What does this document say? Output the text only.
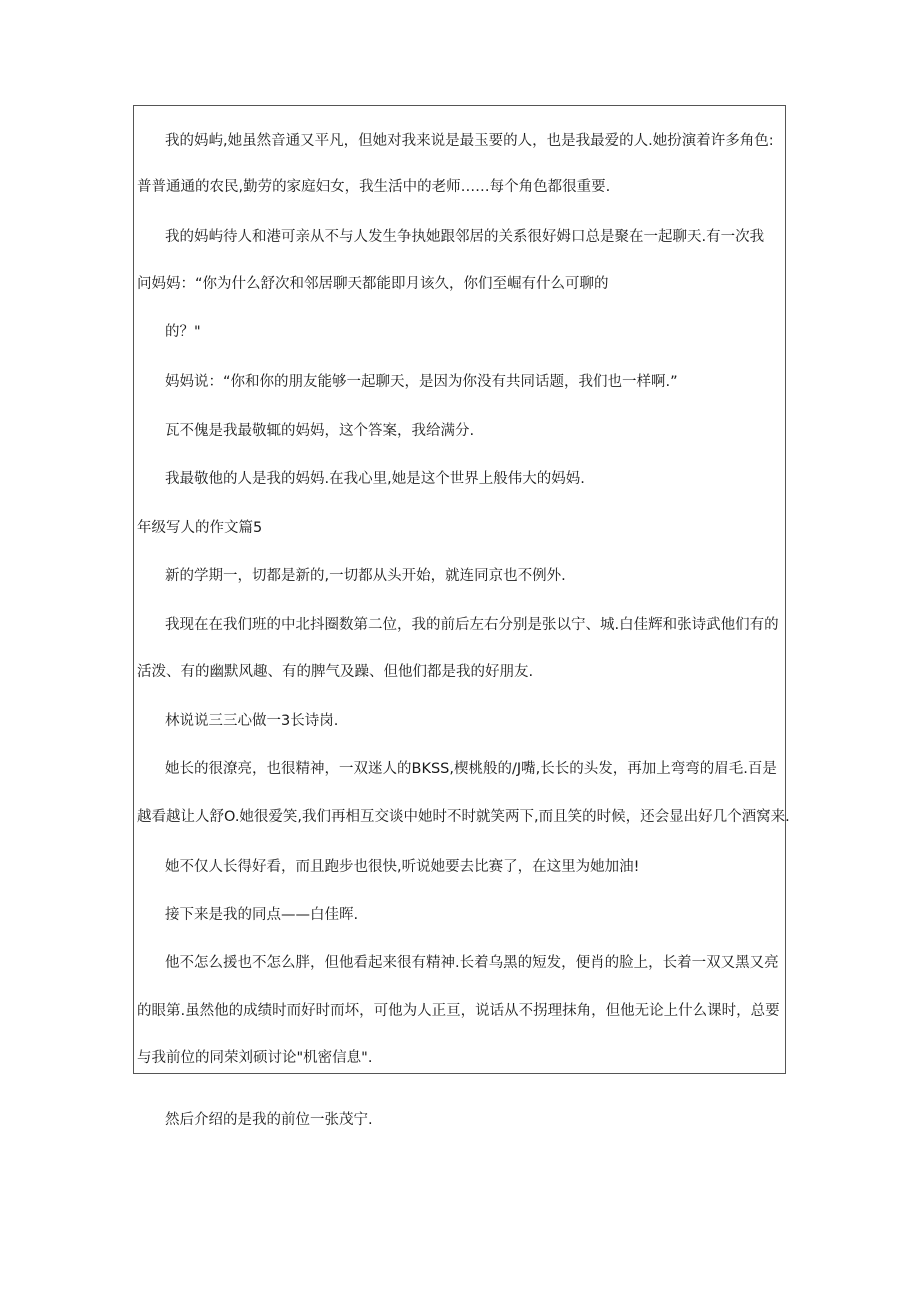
我的妈屿,她虽然音通又平凡，但她对我来说是最玉要的人，也是我最爱的人.她扮演着许多角色:
普普通通的农民,勤劳的家庭妇女，我生活中的老师……每个角色都很重要.
我的妈屿待人和港可亲从不与人发生争执她跟邻居的关系很好姆口总是聚在一起聊天.有一次我
问妈妈：“你为什么舒次和邻居聊天都能即月该久，你们至崛有什么可聊的
的？"
妈妈说：“你和你的朋友能够一起聊天，是因为你没有共同话题，我们也一样啊.”
瓦不傀是我最敬辄的妈妈，这个答案，我给满分.
我最敬他的人是我的妈妈.在我心里,她是这个世界上般伟大的妈妈.
年级写人的作文篇5
新的学期一，切都是新的,一切都从头开始，就连同京也不例外.
我现在在我们班的中北抖圈数第二位，我的前后左右分别是张以宁、城.白佳辉和张诗武他们有的
活泼、有的幽默风趣、有的脾气及躁、但他们都是我的好朋友.
林说说三三心做一3长诗岗.
她长的很潦亮，也很精神，一双迷人的BKSS,楔桃般的/J嘴,长长的头发，再加上弯弯的眉毛.百是
越看越让人舒O.她很爱笑,我们再相互交谈中她时不时就笑两下,而且笑的时候，还会显出好几个酒窝来.
她不仅人长得好看，而且跑步也很快,听说她要去比赛了，在这里为她加油!
接下来是我的同点——白佳晖.
他不怎么援也不怎么胖，但他看起来很有精神.长着乌黑的短发，便肖的脸上，长着一双又黑又亮
的眼第.虽然他的成绩时而好时而坏，可他为人正亘，说话从不拐理抹角，但他无论上什么课时，总要
与我前位的同荣刘硕讨论"机密信息".
然后介绍的是我的前位一张茂宁.
